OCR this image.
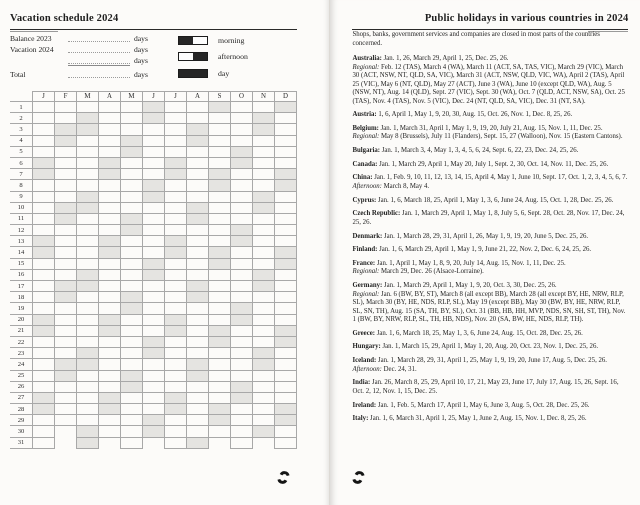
Vacation schedule 2024
Balance 2023	days
Vacation 2024	days
days
Total	days
morning
afternoon
day
	J	F	M	A	M	J	J	A	S	O	N	D
1												
2												
3												
4												
5												
6												
7												
8												
9												
10												
11												
12												
13												
14												
15												
16												
17												
18												
19												
20												
21												
22												
23												
24												
25												
26												
27												
28												
29												
30												
31												
Public holidays in various countries in 2024

Shops, banks, government services and companies are closed in most parts of the countries concerned.

Australia: Jan. 1, 26, March 29, April 1, 25, Dec. 25, 26.

Regional: Feb. 12 (TAS), March 4 (WA), March 11 (ACT, SA, TAS, VIC), March 29 (VIC), March 30 (ACT, NSW, NT, QLD, SA, VIC), March 31 (ACT, NSW, QLD, VIC, WA), April 2 (TAS), April 25 (VIC), May 6 (NT, QLD), May 27 (ACT), June 3 (WA), June 10 (except QLD, WA), Aug. 5 (NSW, NT), Aug. 14 (QLD), Sept. 27 (VIC), Sept. 30 (WA), Oct. 7 (QLD, ACT, NSW, SA), Oct. 25 (TAS), Nov. 4 (TAS), Nov. 5 (VIC), Dec. 24 (NT, QLD, SA, VIC), Dec. 31 (NT, SA).

Austria: 1, 6, April 1, May 1, 9, 20, 30, Aug. 15, Oct. 26, Nov. 1, Dec. 8, 25, 26.

Belgium: Jan. 1, March 31, April 1, May 1, 9, 19, 20, July 21, Aug. 15, Nov. 1, 11, Dec. 25.

Regional: May 8 (Brussels), July 11 (Flanders), Sept. 15, 27 (Walloon), Nov. 15 (Eastern Cantons).

Bulgaria: Jan. 1, March 3, 4, May 1, 3, 4, 5, 6, 24, Sept. 6, 22, 23, Dec. 24, 25, 26.

Canada: Jan. 1, March 29, April 1, May 20, July 1, Sept. 2, 30, Oct. 14, Nov. 11, Dec. 25, 26.

China: Jan. 1, Feb. 9, 10, 11, 12, 13, 14, 15, April 4, May 1, June 10, Sept. 17, Oct. 1, 2, 3, 4, 5, 6, 7.

Afternoon: March 8, May 4.

Cyprus: Jan. 1, 6, March 18, 25, April 1, May 1, 3, 6, June 24, Aug. 15, Oct. 1, 28, Dec. 25, 26.

Czech Republic: Jan. 1, March 29, April 1, May 1, 8, July 5, 6, Sept. 28, Oct. 28, Nov. 17, Dec. 24, 25, 26.

Denmark: Jan. 1, March 28, 29, 31, April 1, 26, May 1, 9, 19, 20, June 5, Dec. 25, 26.

Finland: Jan. 1, 6, March 29, April 1, May 1, 9, June 21, 22, Nov. 2, Dec. 6, 24, 25, 26.

France: Jan. 1, April 1, May 1, 8, 9, 20, July 14, Aug. 15, Nov. 1, 11, Dec. 25.

Regional: March 29, Dec. 26 (Alsace-Lorraine).

Germany: Jan. 1, March 29, April 1, May 1, 9, 20, Oct. 3, 30, Dec. 25, 26.

Regional: Jan. 6 (BW, BY, ST), March 8 (all except BB), March 28 (all except BY, HE, NRW, RLP, SL), March 30 (BY, HE, NDS, RLP, SL), May 19 (except BB), May 30 (BW, BY, HE, NRW, RLP, SL, SN, TH), Aug. 15 (SA, TH, BY, SL), Oct. 31 (BB, HB, HH, MVP, NDS, SN, SH, ST, TH), Nov. 1 (BW, BY, NRW, RLP, SL, TH, HB, NDS), Nov. 20 (SA, BW, HE, NDS, RLP, TH).

Greece: Jan. 1, 6, March 18, 25, May 1, 3, 6, June 24, Aug. 15, Oct. 28, Dec. 25, 26.

Hungary: Jan. 1, March 15, 29, April 1, May 1, 20, Aug. 20, Oct. 23, Nov. 1, Dec. 25, 26.

Iceland: Jan. 1, March 28, 29, 31, April 1, 25, May 1, 9, 19, 20, June 17, Aug. 5, Dec. 25, 26.

Afternoon: Dec. 24, 31.

India: Jan. 26, March 8, 25, 29, April 10, 17, 21, May 23, June 17, July 17, Aug. 15, 26, Sept. 16, Oct. 2, 12, Nov. 1, 15, Dec. 25.

Ireland: Jan. 1, Feb. 5, March 17, April 1, May 6, June 3, Aug. 5, Oct. 28, Dec. 25, 26.

Italy: Jan. 1, 6, March 31, April 1, 25, May 1, June 2, Aug. 15, Nov. 1, Dec. 8, 25, 26.
